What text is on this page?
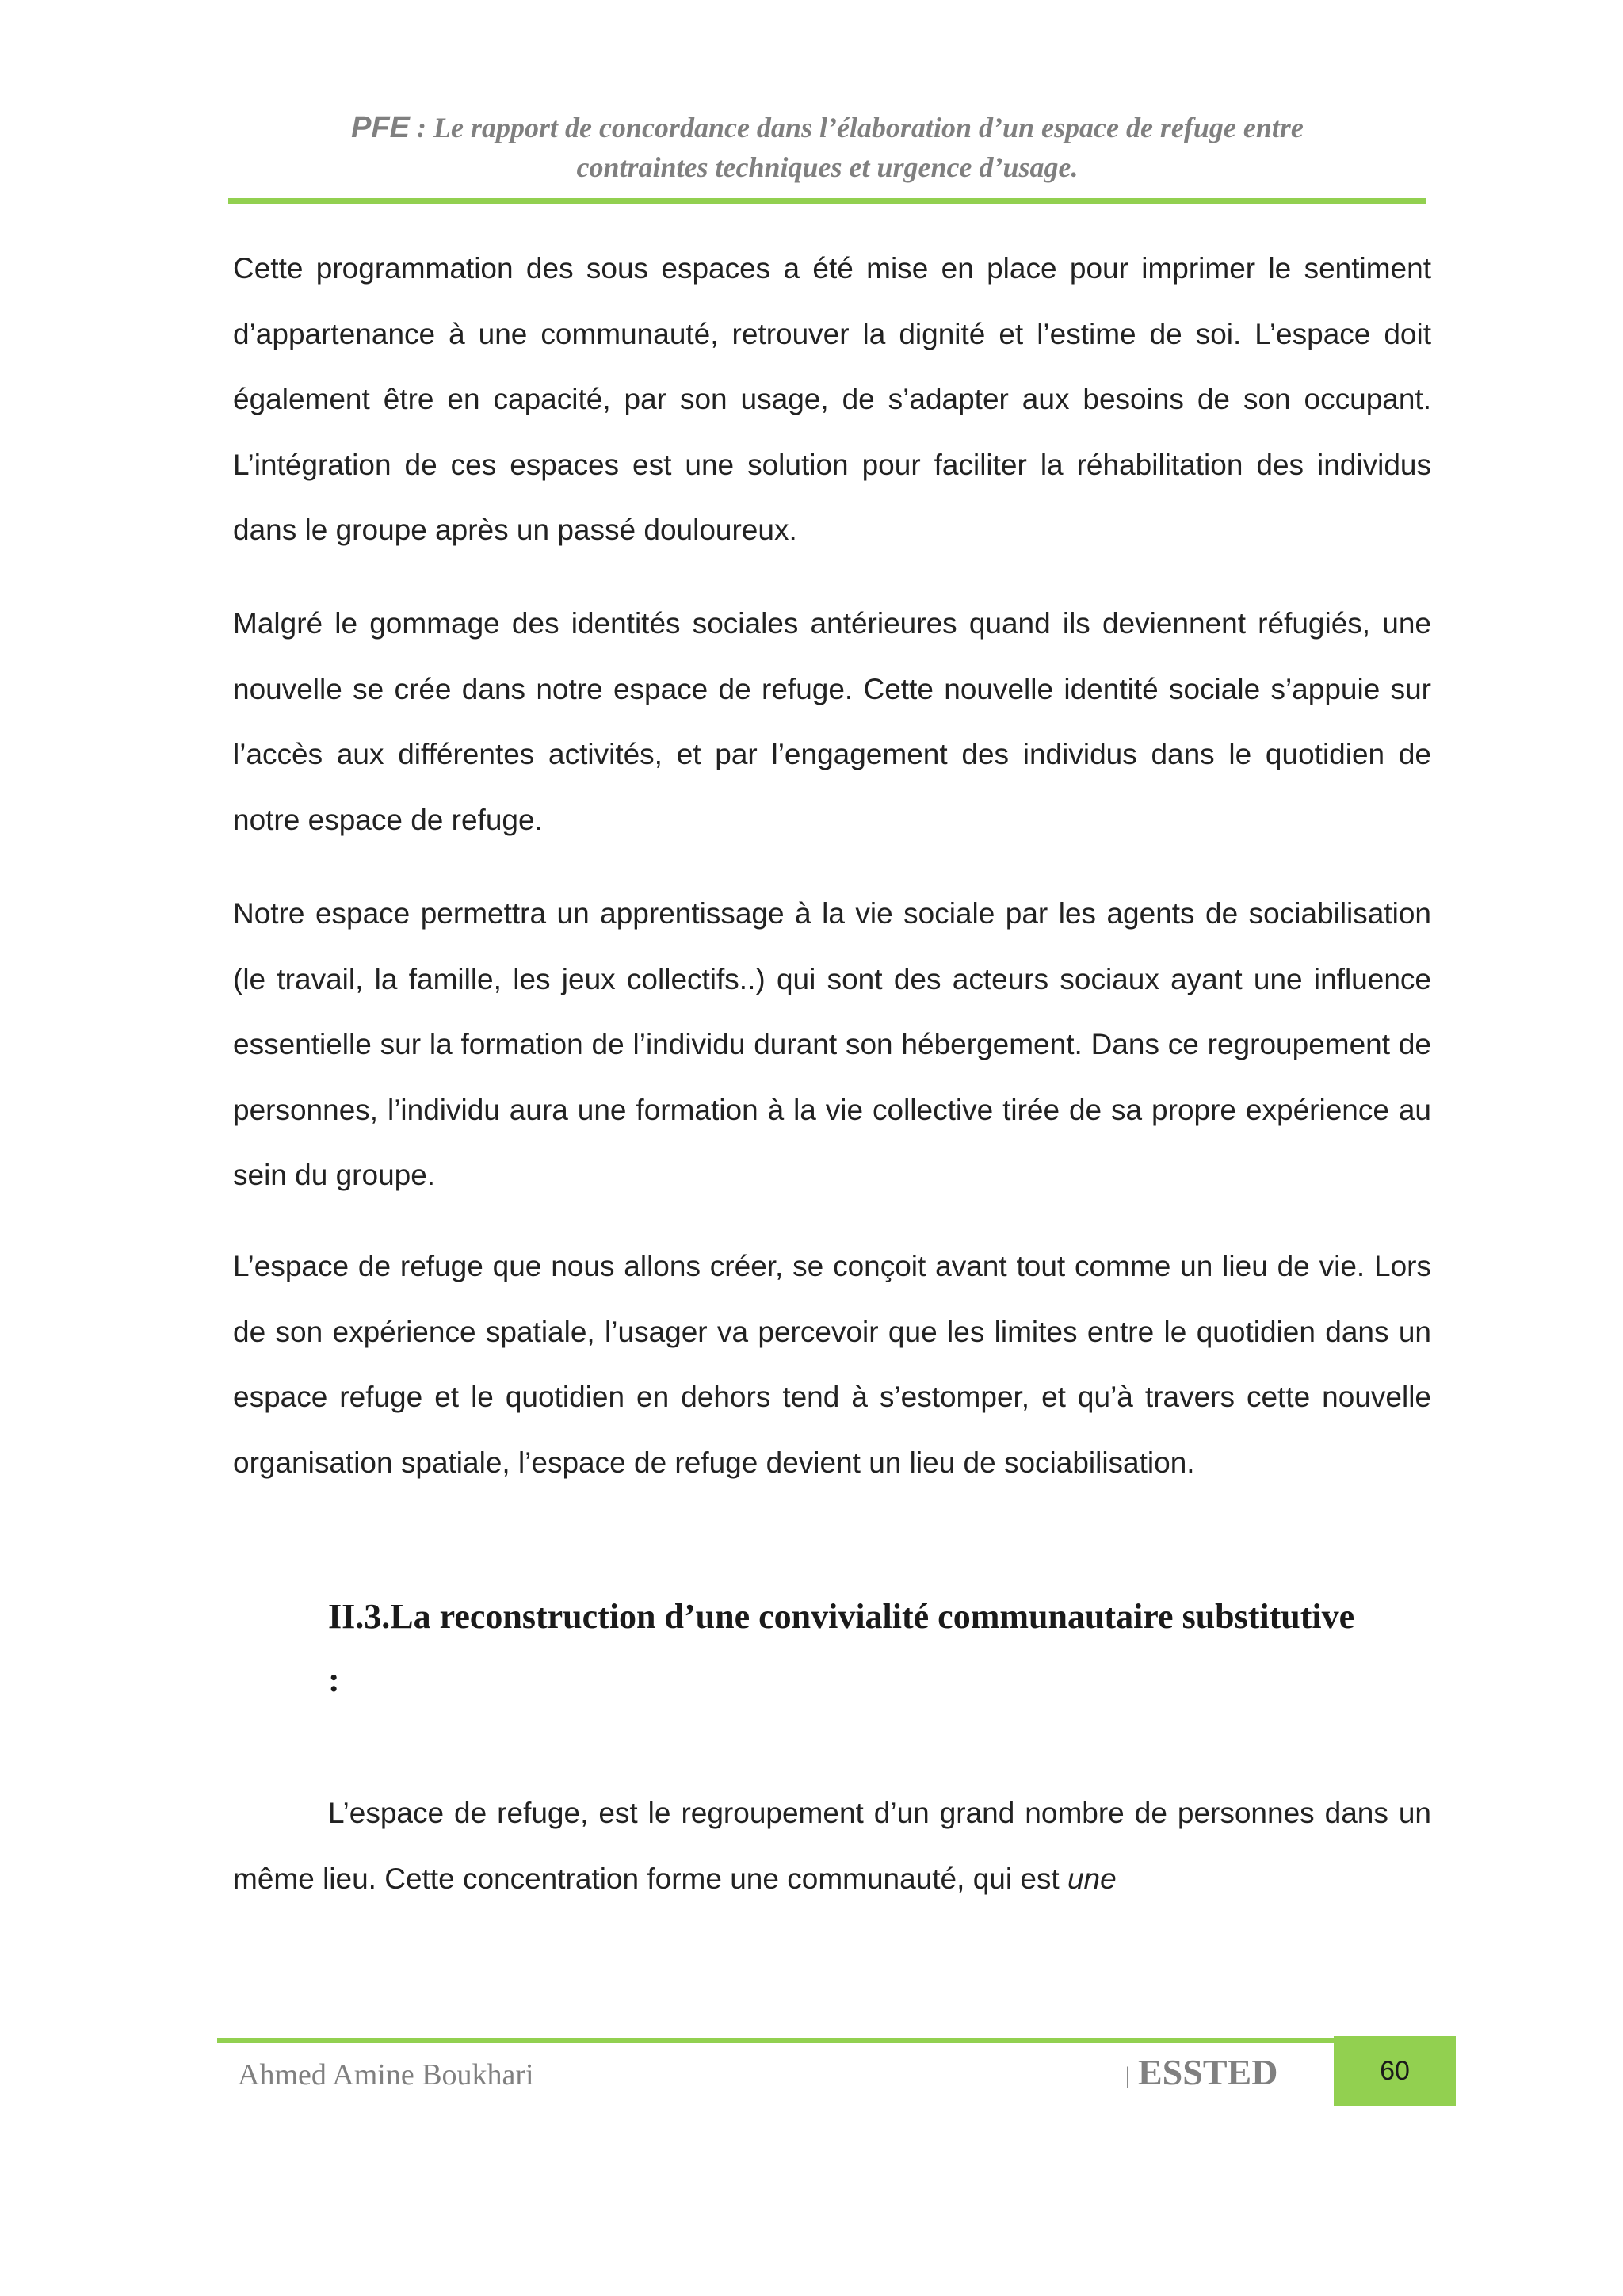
PFE : Le rapport de concordance dans l’élaboration d’un espace de refuge entre
contraintes techniques et urgence d’usage.

Cette programmation des sous espaces a été mise en place pour imprimer le sentiment d’appartenance à une communauté, retrouver la dignité et l’estime de soi. L’espace doit également être en capacité, par son usage, de s’adapter aux besoins de son occupant. L’intégration de ces espaces est une solution pour faciliter la réhabilitation des individus dans le groupe après un passé douloureux.

Malgré le gommage des identités sociales antérieures quand ils deviennent réfugiés, une nouvelle se crée dans notre espace de refuge. Cette nouvelle identité sociale s’appuie sur l’accès aux différentes activités, et par l’engagement des individus dans le quotidien de notre espace de refuge.

Notre espace permettra un apprentissage à la vie sociale par les agents de sociabilisation (le travail, la famille, les jeux collectifs..) qui sont des acteurs sociaux ayant une influence essentielle sur la formation de l’individu durant son hébergement. Dans ce regroupement de personnes, l’individu aura une formation à la vie collective tirée de sa propre expérience au sein du groupe.

L’espace de refuge que nous allons créer, se conçoit avant tout comme un lieu de vie. Lors de son expérience spatiale, l’usager va percevoir que les limites entre le quotidien dans un espace refuge et le quotidien en dehors tend à s’estomper, et qu’à travers cette nouvelle organisation spatiale, l’espace de refuge devient un lieu de sociabilisation.

II.3.La reconstruction d’une convivialité communautaire substitutive :

L’espace de refuge, est le regroupement d’un grand nombre de personnes dans un même lieu. Cette concentration forme une communauté, qui est une

Ahmed Amine Boukhari	| ESSTED	60
